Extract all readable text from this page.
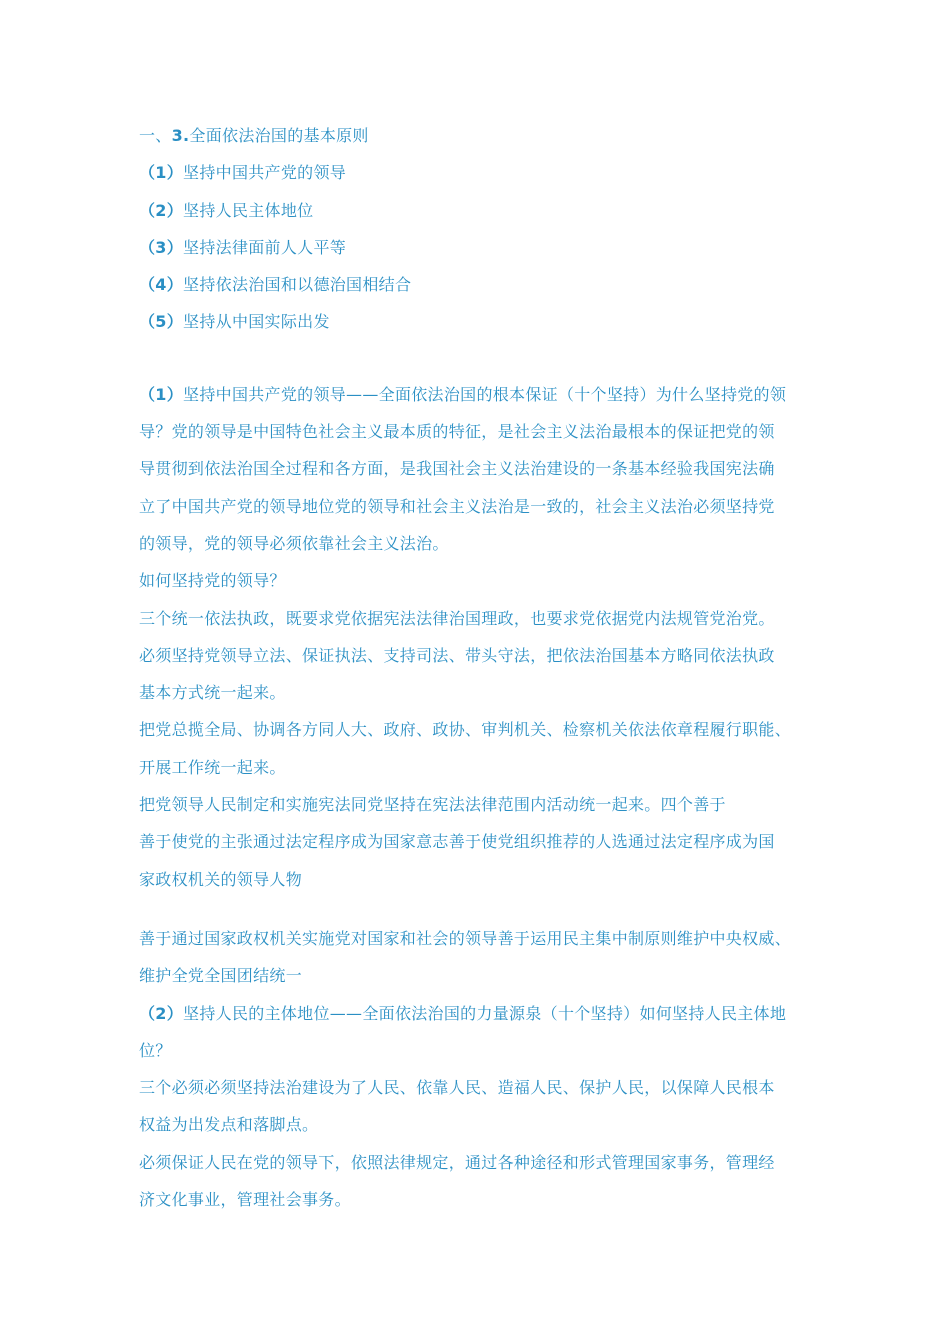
一、3.全面依法治国的基本原则
（1）坚持中国共产党的领导
（2）坚持人民主体地位
（3）坚持法律面前人人平等
（4）坚持依法治国和以德治国相结合
（5）坚持从中国实际出发
（1）坚持中国共产党的领导——全面依法治国的根本保证（十个坚持）为什么坚持党的领
导？党的领导是中国特色社会主义最本质的特征，是社会主义法治最根本的保证把党的领
导贯彻到依法治国全过程和各方面，是我国社会主义法治建设的一条基本经验我国宪法确
立了中国共产党的领导地位党的领导和社会主义法治是一致的，社会主义法治必须坚持党
的领导，党的领导必须依靠社会主义法治。
如何坚持党的领导？
三个统一依法执政，既要求党依据宪法法律治国理政，也要求党依据党内法规管党治党。
必须坚持党领导立法、保证执法、支持司法、带头守法，把依法治国基本方略同依法执政
基本方式统一起来。
把党总揽全局、协调各方同人大、政府、政协、审判机关、检察机关依法依章程履行职能、
开展工作统一起来。
把党领导人民制定和实施宪法同党坚持在宪法法律范围内活动统一起来。四个善于
善于使党的主张通过法定程序成为国家意志善于使党组织推荐的人选通过法定程序成为国
家政权机关的领导人物
善于通过国家政权机关实施党对国家和社会的领导善于运用民主集中制原则维护中央权威、
维护全党全国团结统一
（2）坚持人民的主体地位——全面依法治国的力量源泉（十个坚持）如何坚持人民主体地
位？
三个必须必须坚持法治建设为了人民、依靠人民、造福人民、保护人民，以保障人民根本
权益为出发点和落脚点。
必须保证人民在党的领导下，依照法律规定，通过各种途径和形式管理国家事务，管理经
济文化事业，管理社会事务。
